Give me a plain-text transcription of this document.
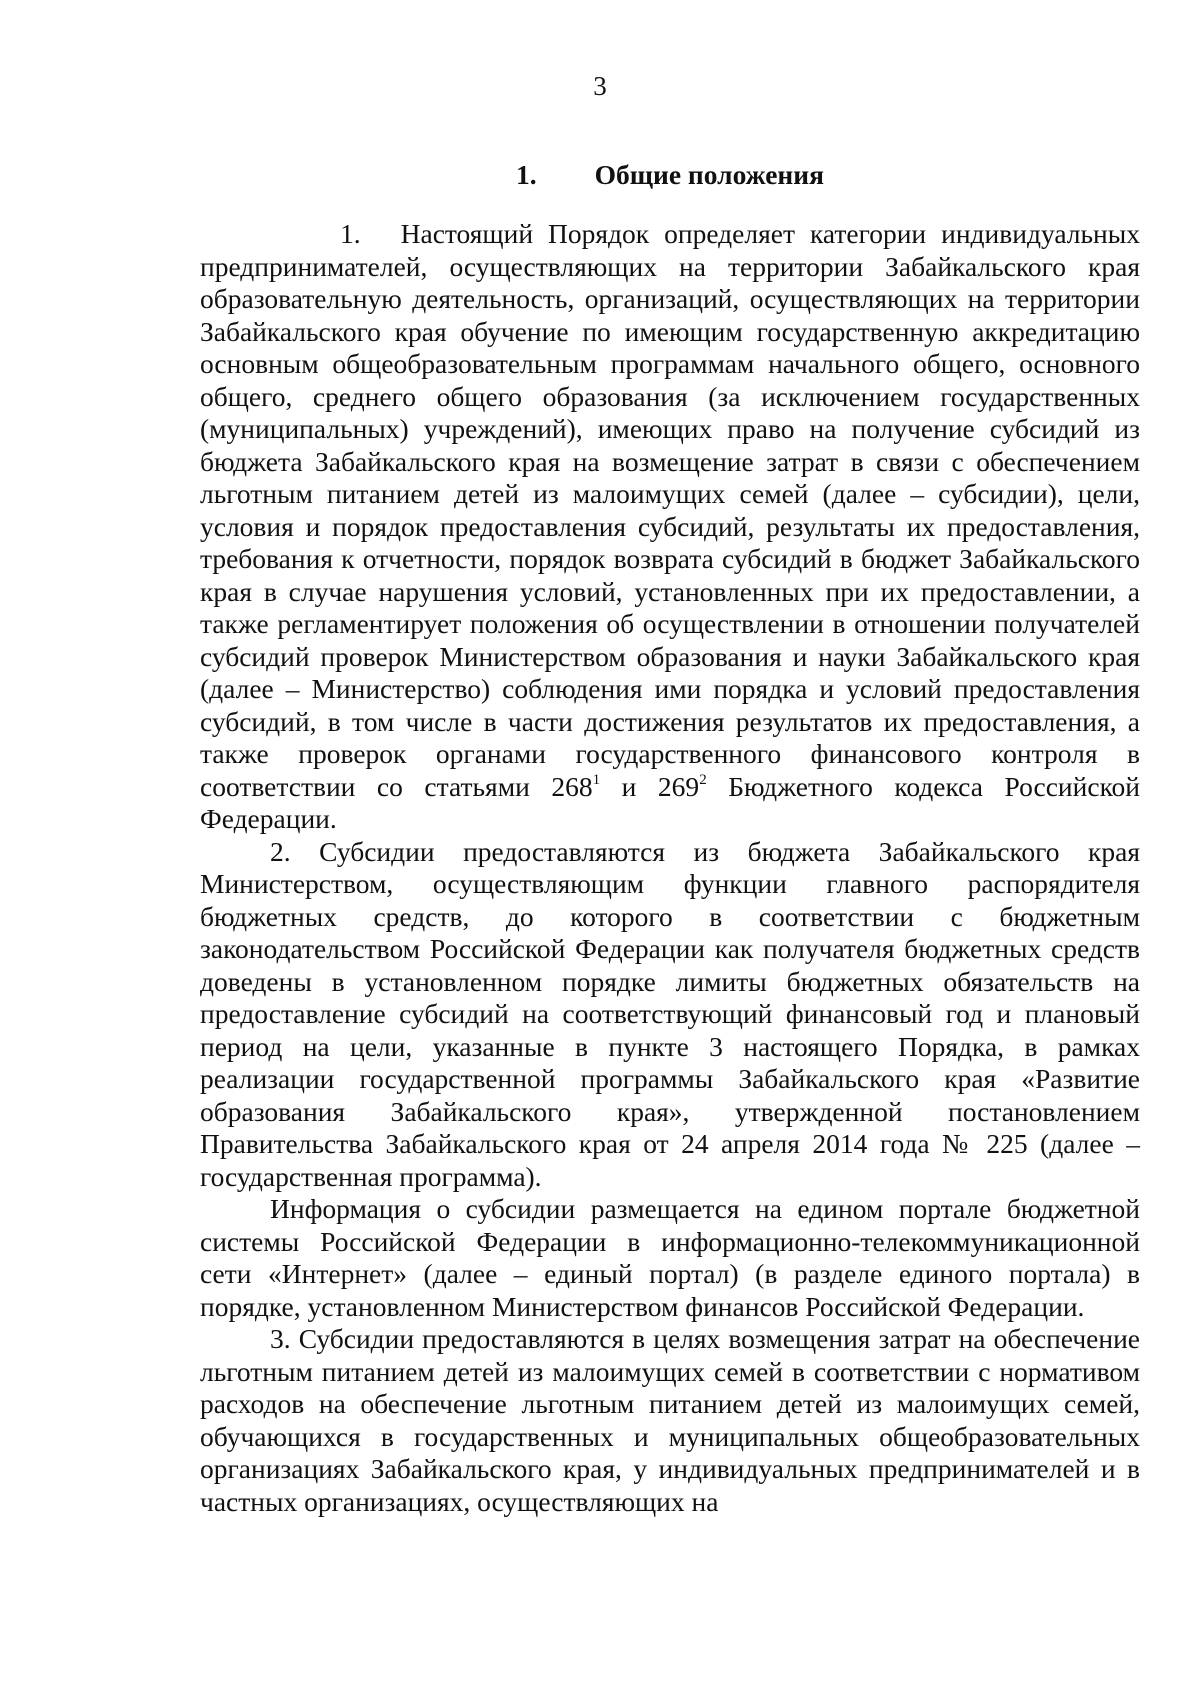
3
1. Общие положения

1. Настоящий Порядок определяет категории индивидуальных предпринимателей, осуществляющих на территории Забайкальского края образовательную деятельность, организаций, осуществляющих на территории Забайкальского края обучение по имеющим государственную аккредитацию основным общеобразовательным программам начального общего, основного общего, среднего общего образования (за исключением государственных (муниципальных) учреждений), имеющих право на получение субсидий из бюджета Забайкальского края на возмещение затрат в связи с обеспечением льготным питанием детей из малоимущих семей (далее – субсидии), цели, условия и порядок предоставления субсидий, результаты их предоставления, требования к отчетности, порядок возврата субсидий в бюджет Забайкальского края в случае нарушения условий, установленных при их предоставлении, а также регламентирует положения об осуществлении в отношении получателей субсидий проверок Министерством образования и науки Забайкальского края (далее – Министерство) соблюдения ими порядка и условий предоставления субсидий, в том числе в части достижения результатов их предоставления, а также проверок органами государственного финансового контроля в соответствии со статьями $268^1$ и $269^2$ Бюджетного кодекса Российской Федерации.

2. Субсидии предоставляются из бюджета Забайкальского края Министерством, осуществляющим функции главного распорядителя бюджетных средств, до которого в соответствии с бюджетным законодательством Российской Федерации как получателя бюджетных средств доведены в установленном порядке лимиты бюджетных обязательств на предоставление субсидий на соответствующий финансовый год и плановый период на цели, указанные в пункте 3 настоящего Порядка, в рамках реализации государственной программы Забайкальского края «Развитие образования Забайкальского края», утвержденной постановлением Правительства Забайкальского края от 24 апреля 2014 года № 225 (далее – государственная программа).

Информация о субсидии размещается на едином портале бюджетной системы Российской Федерации в информационно-телекоммуникационной сети «Интернет» (далее – единый портал) (в разделе единого портала) в порядке, установленном Министерством финансов Российской Федерации.

3. Субсидии предоставляются в целях возмещения затрат на обеспечение льготным питанием детей из малоимущих семей в соответствии с нормативом расходов на обеспечение льготным питанием детей из малоимущих семей, обучающихся в государственных и муниципальных общеобразовательных организациях Забайкальского края, у индивидуальных предпринимателей и в частных организациях, осуществляющих на
